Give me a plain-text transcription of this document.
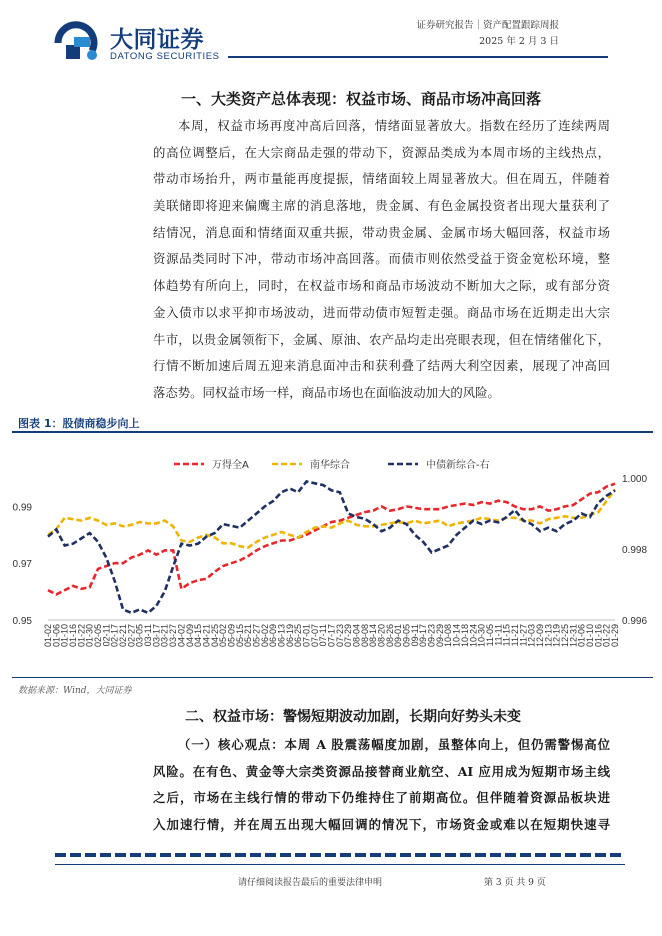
大同证券
DATONG SECURITIES
证券研究报告｜资产配置跟踪周报
2025 年 2 月 3 日
一、大类资产总体表现：权益市场、商品市场冲高回落
本周，权益市场再度冲高后回落，情绪面显著放大。指数在经历了连续两周
的高位调整后，在大宗商品走强的带动下，资源品类成为本周市场的主线热点，
带动市场抬升，两市量能再度提振，情绪面较上周显著放大。但在周五，伴随着
美联储即将迎来偏鹰主席的消息落地，贵金属、有色金属投资者出现大量获利了
结情况，消息面和情绪面双重共振，带动贵金属、金属市场大幅回落，权益市场
资源品类同时下冲，带动市场冲高回落。而债市则依然受益于资金宽松环境，整
体趋势有所向上，同时，在权益市场和商品市场波动不断加大之际，或有部分资
金入债市以求平抑市场波动，进而带动债市短暂走强。商品市场在近期走出大宗
牛市，以贵金属领衔下，金属、原油、农产品均走出亮眼表现，但在情绪催化下，
行情不断加速后周五迎来消息面冲击和获利叠了结两大利空因素，展现了冲高回
落态势。同权益市场一样，商品市场也在面临波动加大的风险。
图表 1：股债商稳步向上
0.95
0.97
0.99
0.996
0.998
1.000
01-02
01-06
01-10
01-16
01-22
01-30
02-05
02-11
02-17
02-21
02-27
03-05
03-11
03-17
03-21
03-27
04-02
04-09
04-15
04-21
04-25
05-02
05-09
05-15
05-21
05-27
06-02
06-09
06-13
06-19
06-25
07-01
07-07
07-11
07-17
07-23
07-29
08-04
08-08
08-14
08-20
08-26
09-01
09-05
09-11
09-17
09-23
09-29
10-08
10-14
10-18
10-24
10-30
11-05
11-11
11-15
11-21
11-27
12-03
12-09
12-13
12-19
12-25
12-31
01-06
01-10
01-16
01-22
01-29
万得全A	南华综合	中债新综合-右
数据来源：Wind，大同证券
二、权益市场：警惕短期波动加剧，长期向好势头未变
（一）核心观点：本周 A 股震荡幅度加剧，虽整体向上，但仍需警惕高位
风险。在有色、黄金等大宗类资源品接替商业航空、AI 应用成为短期市场主线
之后，市场在主线行情的带动下仍维持住了前期高位。但伴随着资源品板块进
入加速行情，并在周五出现大幅回调的情况下，市场资金或难以在短期快速寻
请仔细阅读报告最后的重要法律申明	第 3 页 共 9 页
